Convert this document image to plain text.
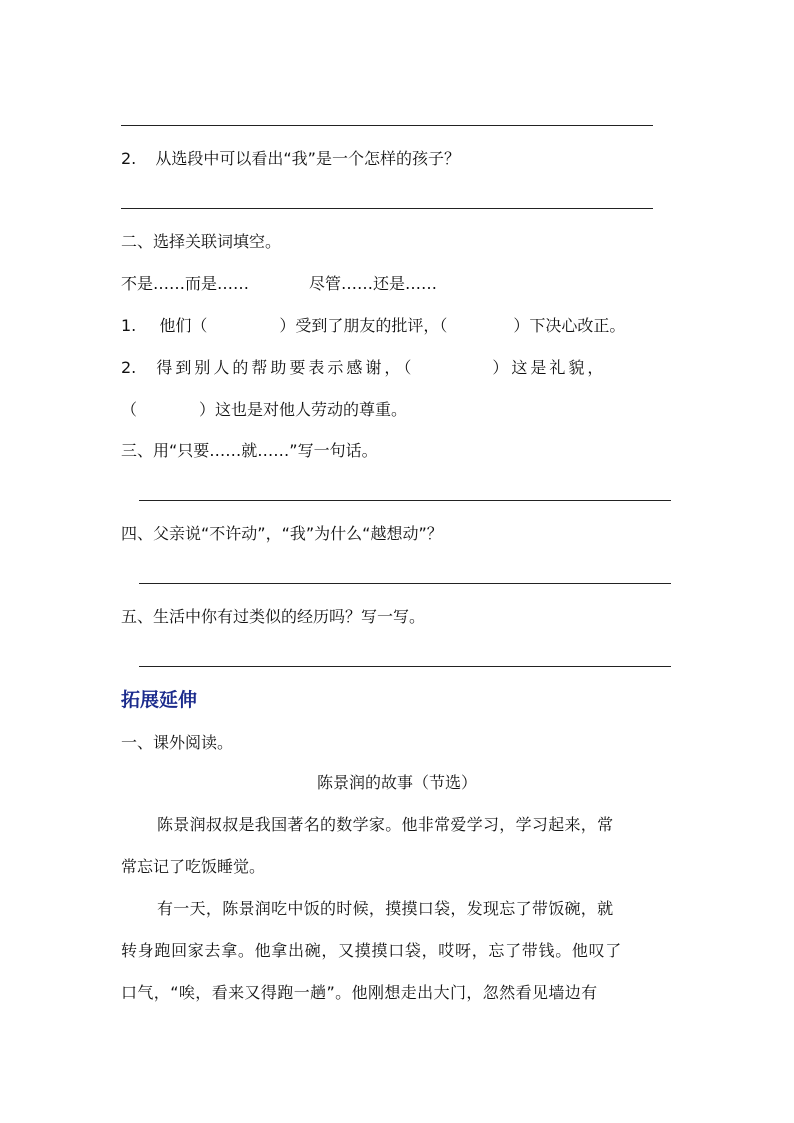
2. 从选段中可以看出“我”是一个怎样的孩子？
二、选择关联词填空。
不是……而是……	尽管……还是……
1. 他们（	）受到了朋友的批评，（	）下决心改正。
2. 得到别人的帮助要表示感谢，（	）这是礼貌，
（	）这也是对他人劳动的尊重。
三、用“只要……就……”写一句话。
四、父亲说“不许动”，“我”为什么“越想动”？
五、生活中你有过类似的经历吗？写一写。
拓展延伸
一、课外阅读。
陈景润的故事（节选）
陈景润叔叔是我国著名的数学家。他非常爱学习，学习起来，常
常忘记了吃饭睡觉。
有一天，陈景润吃中饭的时候，摸摸口袋，发现忘了带饭碗，就
转身跑回家去拿。他拿出碗，又摸摸口袋，哎呀，忘了带钱。他叹了
口气，“唉，看来又得跑一趟”。他刚想走出大门，忽然看见墙边有
